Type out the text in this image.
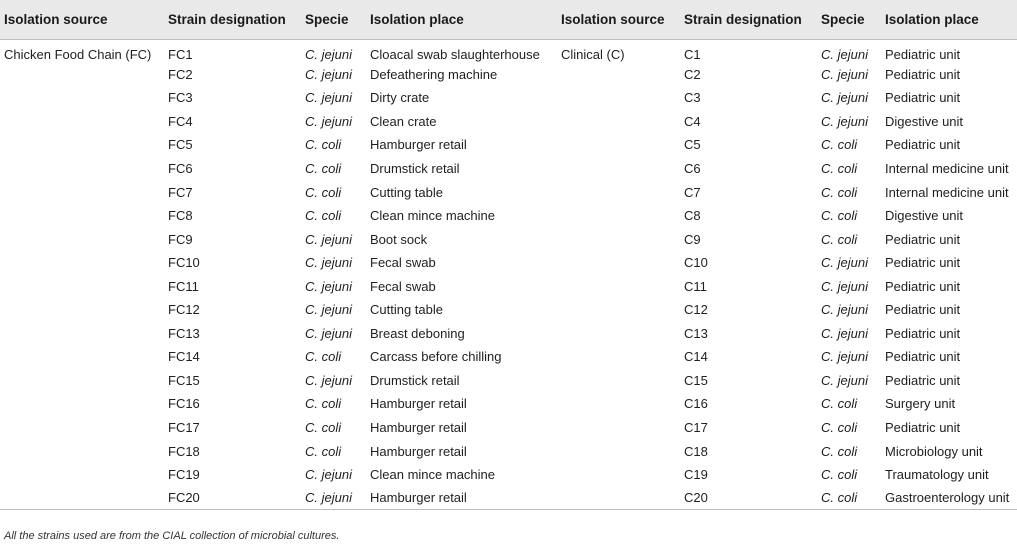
Isolation source	Strain designation	Specie	Isolation place	Isolation source	Strain designation	Specie	Isolation place
Chicken Food Chain (FC)	FC1	C. jejuni	Cloacal swab slaughterhouse	Clinical (C)	C1	C. jejuni	Pediatric unit
	FC2	C. jejuni	Defeathering machine		C2	C. jejuni	Pediatric unit
	FC3	C. jejuni	Dirty crate		C3	C. jejuni	Pediatric unit
	FC4	C. jejuni	Clean crate		C4	C. jejuni	Digestive unit
	FC5	C. coli	Hamburger retail		C5	C. coli	Pediatric unit
	FC6	C. coli	Drumstick retail		C6	C. coli	Internal medicine unit
	FC7	C. coli	Cutting table		C7	C. coli	Internal medicine unit
	FC8	C. coli	Clean mince machine		C8	C. coli	Digestive unit
	FC9	C. jejuni	Boot sock		C9	C. coli	Pediatric unit
	FC10	C. jejuni	Fecal swab		C10	C. jejuni	Pediatric unit
	FC11	C. jejuni	Fecal swab		C11	C. jejuni	Pediatric unit
	FC12	C. jejuni	Cutting table		C12	C. jejuni	Pediatric unit
	FC13	C. jejuni	Breast deboning		C13	C. jejuni	Pediatric unit
	FC14	C. coli	Carcass before chilling		C14	C. jejuni	Pediatric unit
	FC15	C. jejuni	Drumstick retail		C15	C. jejuni	Pediatric unit
	FC16	C. coli	Hamburger retail		C16	C. coli	Surgery unit
	FC17	C. coli	Hamburger retail		C17	C. coli	Pediatric unit
	FC18	C. coli	Hamburger retail		C18	C. coli	Microbiology unit
	FC19	C. jejuni	Clean mince machine		C19	C. coli	Traumatology unit
	FC20	C. jejuni	Hamburger retail		C20	C. coli	Gastroenterology unit
All the strains used are from the CIAL collection of microbial cultures.
